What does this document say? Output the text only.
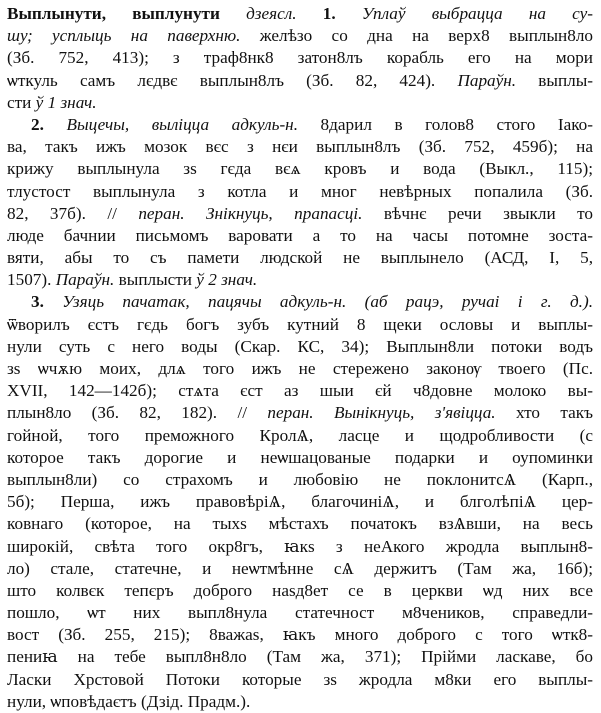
Выплынути, выплунути дзеясл. 1. Уплаў выбрацца на су-
шу; усплыць на паверхню. желѣзо со дна на верх8 выплын8ло
(Зб. 752, 413); з траф8нк8 затон8лъ корабль его на мори
ѡткуль самъ лєдвє выплын8лъ (Зб. 82, 424). Параўн. выплы-
сти ў 1 знач.
2. Выцечы, выліцца адкуль-н. 8дарил в голов8 стого Іако-
ва, такъ ижъ мозок вєс з нєи выплын8лъ (Зб. 752, 459б); на
крижу выплынула зѕ гєда вєѧ кровъ и вода (Выкл., 115);
тлустост выплынула з котла и мног невѣрных попалила (Зб.
82, 37б). // перан. Знікнуць, прапасці. вѣчнє речи звыкли то
люде бачнии письмомъ варовати а то на часы потомне зоста-
вяти, абы то съ памети людской не выплынело (АСД, І, 5,
1507). Параўн. выплысти ў 2 знач.
3. Узяць пачатак, пацячы адкуль-н. (аб рацэ, ручаі і г. д.).
ѿворилъ єстъ гєдь богъ зубъ кутний 8 щеки ословы и выплы-
нули суть с него воды (Скар. КС, 34); Выплын8ли потоки водъ
зѕ ѡчѫю моих, длѧ того ижъ не стережено законѹ твоего (Пс.
XVII, 142—142б); стѧта єст аз шыи єй ч8довне молоко вы-
плын8ло (Зб. 82, 182). // перан. Вынікнуць, з'явіцца. хто такъ
гойной, того преможного КролѦ, ласце и щодробливости (с
которое такъ дорогие и неѡшацованые подарки и оупоминки
выплын8ли) со страхомъ и любовiю не поклонитсѦ (Карп.,
5б); Перша, ижъ правовѣрiѦ, благочинiѦ, и блголѣпiѦ цер-
ковнаго (которое, на тыхѕ мѣстахъ початокъ взѦвши, на весь
широкiй, свѣта того окр8гъ, ꙗкѕ з неАкого жродла выплын8-
ло) стале, статечне, и неѡтмѣнне сѦ держитъ (Там жа, 16б);
што колвєк тепєръ доброго наѕд8ет се в церкви ѡд них все
пошло, ѡт них выпл8нула статечност м8чеников, справедли-
вост (Зб. 255, 215); 8важаѕ, ꙗкъ много доброго с того ѡтк8-
пениꙗ на тебе выпл8н8ло (Там жа, 371); Прiйми ласкаве, бо
Ласки Хрстовой Потоки которые зѕ жродла м8ки его выплы-
нули, ѡповѣдаєтъ (Дзід. Прадм.).
